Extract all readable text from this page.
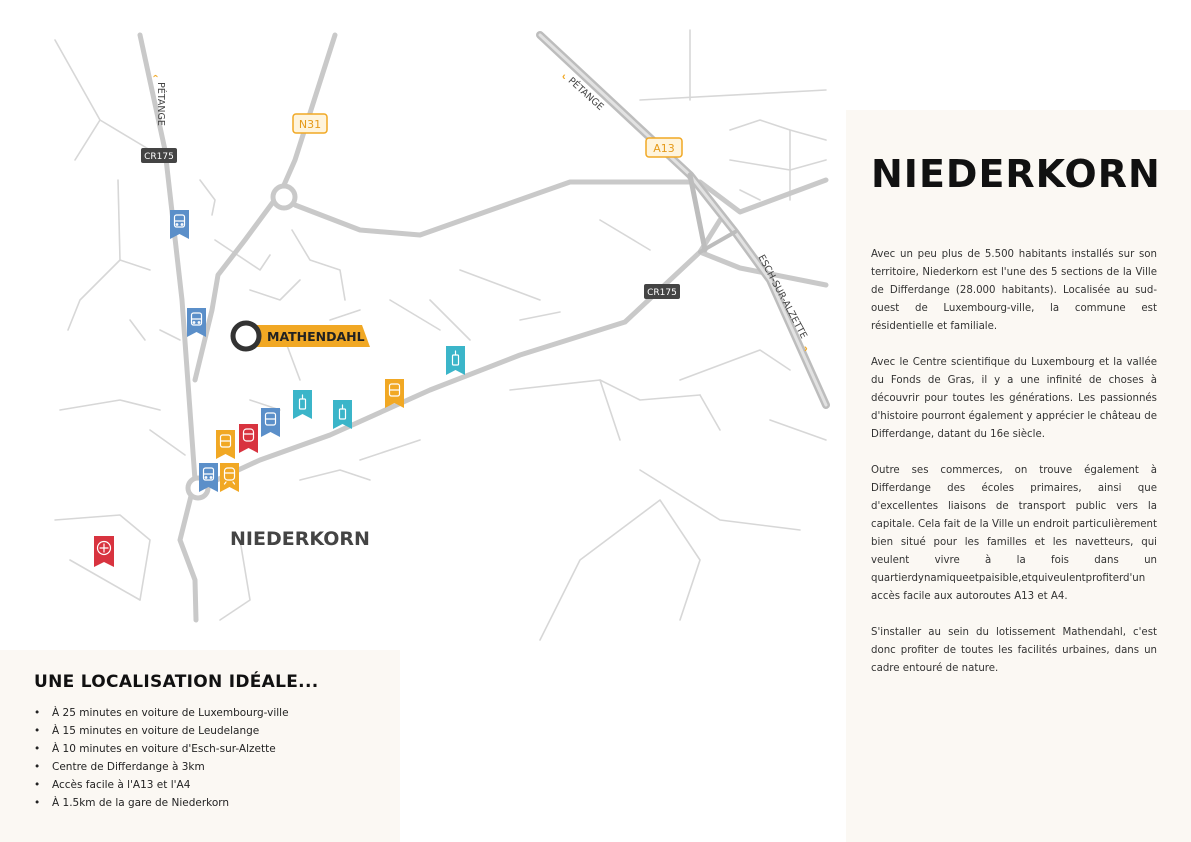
N31
A13
CR175
CR175
‹
PÉTANGE
‹ PÉTANGE
ESCH-SUR-ALZETTE
›
MATHENDAHL
NIEDERKORN
NIEDERKORN

Avec un peu plus de 5.500 habitants installés sur son territoire, Niederkorn est l'une des 5 sections de la Ville de Differdange (28.000 habitants). Localisée au sud-ouest de Luxembourg-ville, la commune est résidentielle et familiale.

Avec le Centre scientifique du Luxembourg et la vallée du Fonds de Gras, il y a une infinité de choses à découvrir pour toutes les générations. Les passionnés d'histoire pourront également y apprécier le château de Differdange, datant du 16e siècle.

Outre ses commerces, on trouve également à Differdange des écoles primaires, ainsi que d'excellentes liaisons de transport public vers la capitale. Cela fait de la Ville un endroit particulièrement bien situé pour les familles et les navetteurs, qui veulent vivre à la fois dans un quartierdynamiqueetpaisible,etquiveulentprofiterd'un accès facile aux autoroutes A13 et A4.

S'installer au sein du lotissement Mathendahl, c'est donc profiter de toutes les facilités urbaines, dans un cadre entouré de nature.

UNE LOCALISATION IDÉALE...
• À 25 minutes en voiture de Luxembourg-ville
• À 15 minutes en voiture de Leudelange
• À 10 minutes en voiture d'Esch-sur-Alzette
• Centre de Differdange à 3km
• Accès facile à l'A13 et l'A4
• À 1.5km de la gare de Niederkorn
